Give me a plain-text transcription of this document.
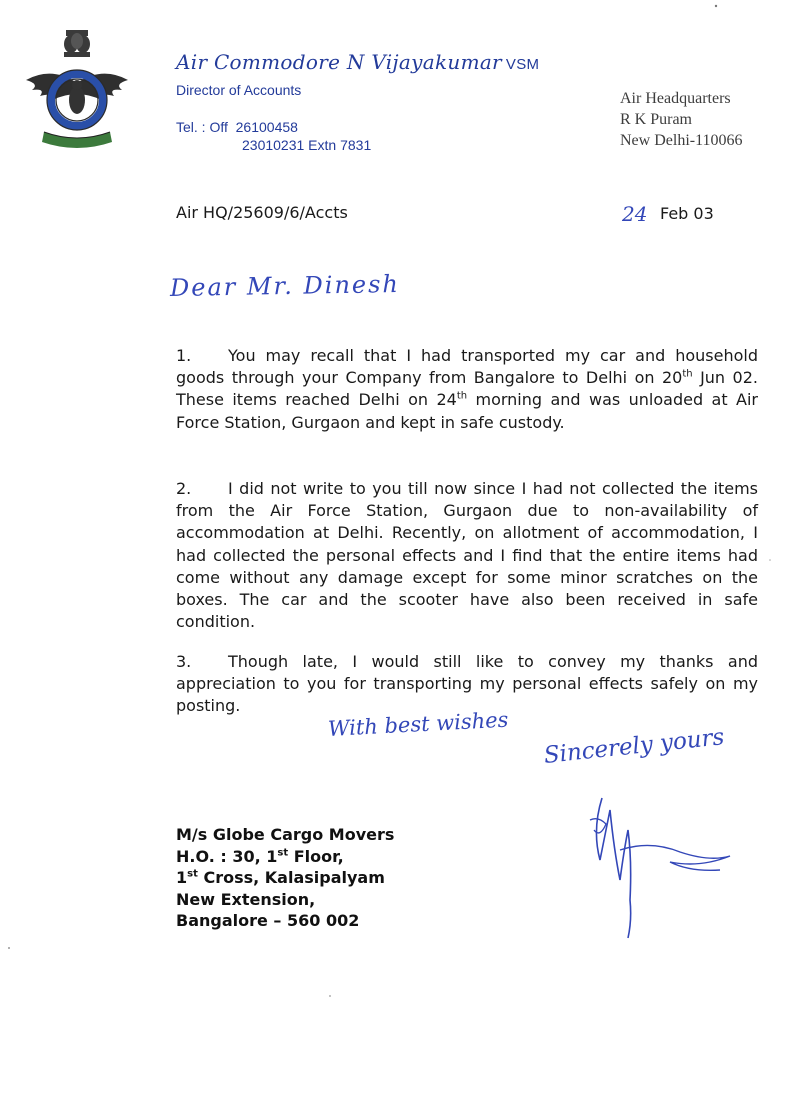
Air Commodore N Vijayakumar VSM
Director of Accounts
Tel. : Off  26100458
23010231 Extn 7831
Air Headquarters
R K Puram
New Delhi-110066
Air HQ/25609/6/Accts	24 Feb 03
Dear Mr. Dinesh
1. You may recall that I had transported my car and household goods through your Company from Bangalore to Delhi on 20th Jun 02. These items reached Delhi on 24th morning and was unloaded at Air Force Station, Gurgaon and kept in safe custody.
2. I did not write to you till now since I had not collected the items from the Air Force Station, Gurgaon due to non-availability of accommodation at Delhi. Recently, on allotment of accommodation, I had collected the personal effects and I find that the entire items had come without any damage except for some minor scratches on the boxes. The car and the scooter have also been received in safe condition.
3. Though late, I would still like to convey my thanks and appreciation to you for transporting my personal effects safely on my posting.
With best wishes Sincerely yours
M/s Globe Cargo Movers
H.O. : 30, 1st Floor,
1st Cross, Kalasipalyam
New Extension,
Bangalore – 560 002
